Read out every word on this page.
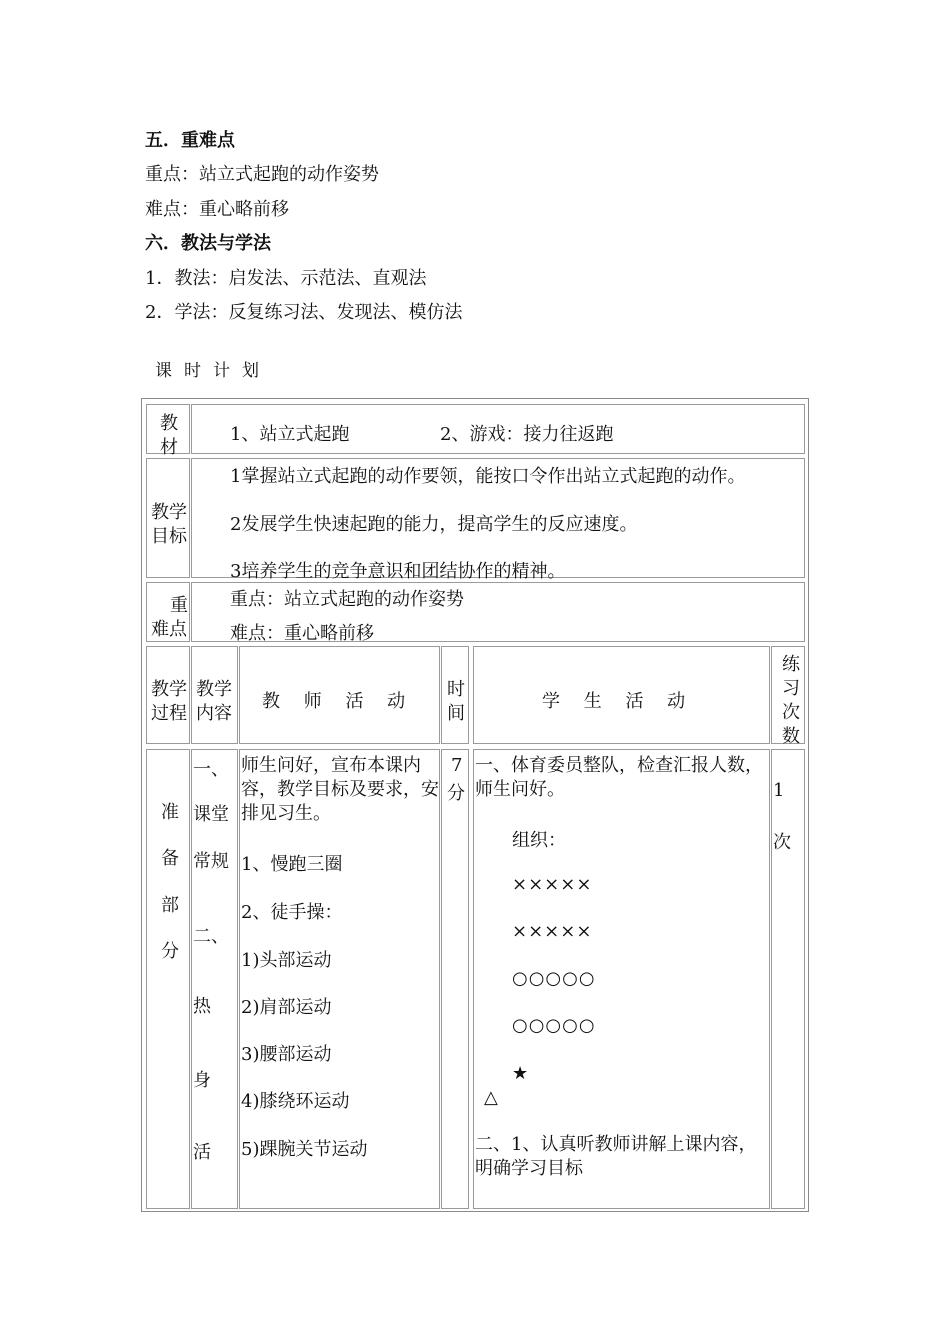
五．重难点
重点：站立式起跑的动作姿势
难点：重心略前移
六．教法与学法
1．教法：启发法、示范法、直观法
2．学法：反复练习法、发现法、模仿法
课时计划
教
材
1、站立式起跑	2、游戏：接力往返跑
教学
目标
1掌握站立式起跑的动作要领，能按口令作出站立式起跑的动作。
2发展学生快速起跑的能力，提高学生的反应速度。
3培养学生的竞争意识和团结协作的精神。
重
难点
重点：站立式起跑的动作姿势
难点：重心略前移
教学
过程
教学
内容
教　 师　 活　 动
时
间
学　 生　 活　 动
练
习
次
数
准
备
部
分
一、
课堂
常规
二、
热
身
活
师生问好，宣布本课内容，教学目标及要求，安排见习生。
1、慢跑三圈
2、徒手操：
1)头部运动
2)肩部运动
3)腰部运动
4)膝绕环运动
5)踝腕关节运动
7
分
一、体育委员整队，检查汇报人数，师生问好。
组织：
×××××
×××××
○○○○○
○○○○○
★
△
二、1、认真听教师讲解上课内容，明确学习目标
1
次
